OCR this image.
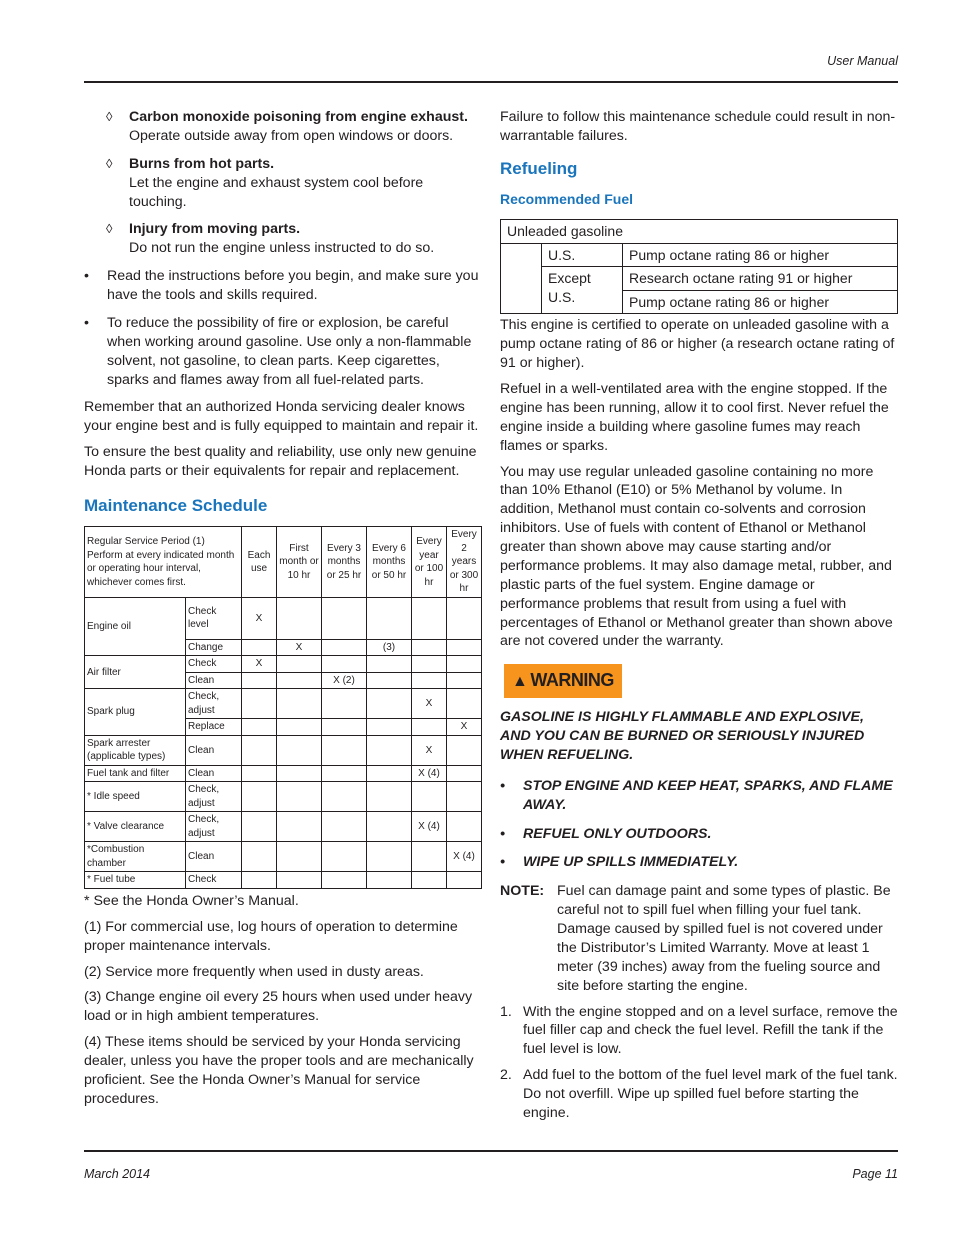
User Manual
◊ Carbon monoxide poisoning from engine exhaust.
Operate outside away from open windows or doors.
◊ Burns from hot parts.
Let the engine and exhaust system cool before touching.
◊ Injury from moving parts.
Do not run the engine unless instructed to do so.
• Read the instructions before you begin, and make sure you have the tools and skills required.
• To reduce the possibility of fire or explosion, be careful when working around gasoline. Use only a non-flammable solvent, not gasoline, to clean parts. Keep cigarettes, sparks and flames away from all fuel-related parts.

Remember that an authorized Honda servicing dealer knows your engine best and is fully equipped to maintain and repair it.

To ensure the best quality and reliability, use only new genuine Honda parts or their equivalents for repair and replacement.

Maintenance Schedule
Regular Service Period (1) Perform at every indicated month or operating hour interval, whichever comes first.		Each use	First month or 10 hr	Every 3 months or 25 hr	Every 6 months or 50 hr	Every year or 100 hr	Every 2 years or 300 hr
Engine oil	Check level	X					
	Change		X		(3)		
Air filter	Check	X					
	Clean			X (2)			
Spark plug	Check, adjust					X	
	Replace						X
Spark arrester (applicable types)	Clean					X	
Fuel tank and filter	Clean					X (4)	
* Idle speed	Check, adjust						
* Valve clearance	Check, adjust					X (4)	
*Combustion chamber	Clean						X (4)
* Fuel tube	Check						

* See the Honda Owner’s Manual.

(1) For commercial use, log hours of operation to determine proper maintenance intervals.

(2) Service more frequently when used in dusty areas.

(3) Change engine oil every 25 hours when used under heavy load or in high ambient temperatures.

(4) These items should be serviced by your Honda servicing dealer, unless you have the proper tools and are mechanically proficient. See the Honda Owner’s Manual for service procedures.

Failure to follow this maintenance schedule could result in non- warrantable failures.

Refueling
Recommended Fuel
Unleaded gasoline		
	U.S.	Pump octane rating 86 or higher
	Except U.S.	Research octane rating 91 or higher
		Pump octane rating 86 or higher

This engine is certified to operate on unleaded gasoline with a pump octane rating of 86 or higher (a research octane rating of 91 or higher).

Refuel in a well-ventilated area with the engine stopped. If the engine has been running, allow it to cool first. Never refuel the engine inside a building where gasoline fumes may reach flames or sparks.

You may use regular unleaded gasoline containing no more than 10% Ethanol (E10) or 5% Methanol by volume. In addition, Methanol must contain co-solvents and corrosion inhibitors. Use of fuels with content of Ethanol or Methanol greater than shown above may cause starting and/or performance problems. It may also damage metal, rubber, and plastic parts of the fuel system. Engine damage or performance problems that result from using a fuel with percentages of Ethanol or Methanol greater than shown above are not covered under the warranty.

▲ WARNING
GASOLINE IS HIGHLY FLAMMABLE AND EXPLOSIVE, AND YOU CAN BE BURNED OR SERIOUSLY INJURED WHEN REFUELING.
• STOP ENGINE AND KEEP HEAT, SPARKS, AND FLAME AWAY.
• REFUEL ONLY OUTDOORS.
• WIPE UP SPILLS IMMEDIATELY.
NOTE: Fuel can damage paint and some types of plastic. Be careful not to spill fuel when filling your fuel tank. Damage caused by spilled fuel is not covered under the Distributor’s Limited Warranty. Move at least 1 meter (39 inches) away from the fueling source and site before starting the engine.
1. With the engine stopped and on a level surface, remove the fuel filler cap and check the fuel level. Refill the tank if the fuel level is low.
2. Add fuel to the bottom of the fuel level mark of the fuel tank. Do not overfill. Wipe up spilled fuel before starting the engine.
March 2014	Page 11
